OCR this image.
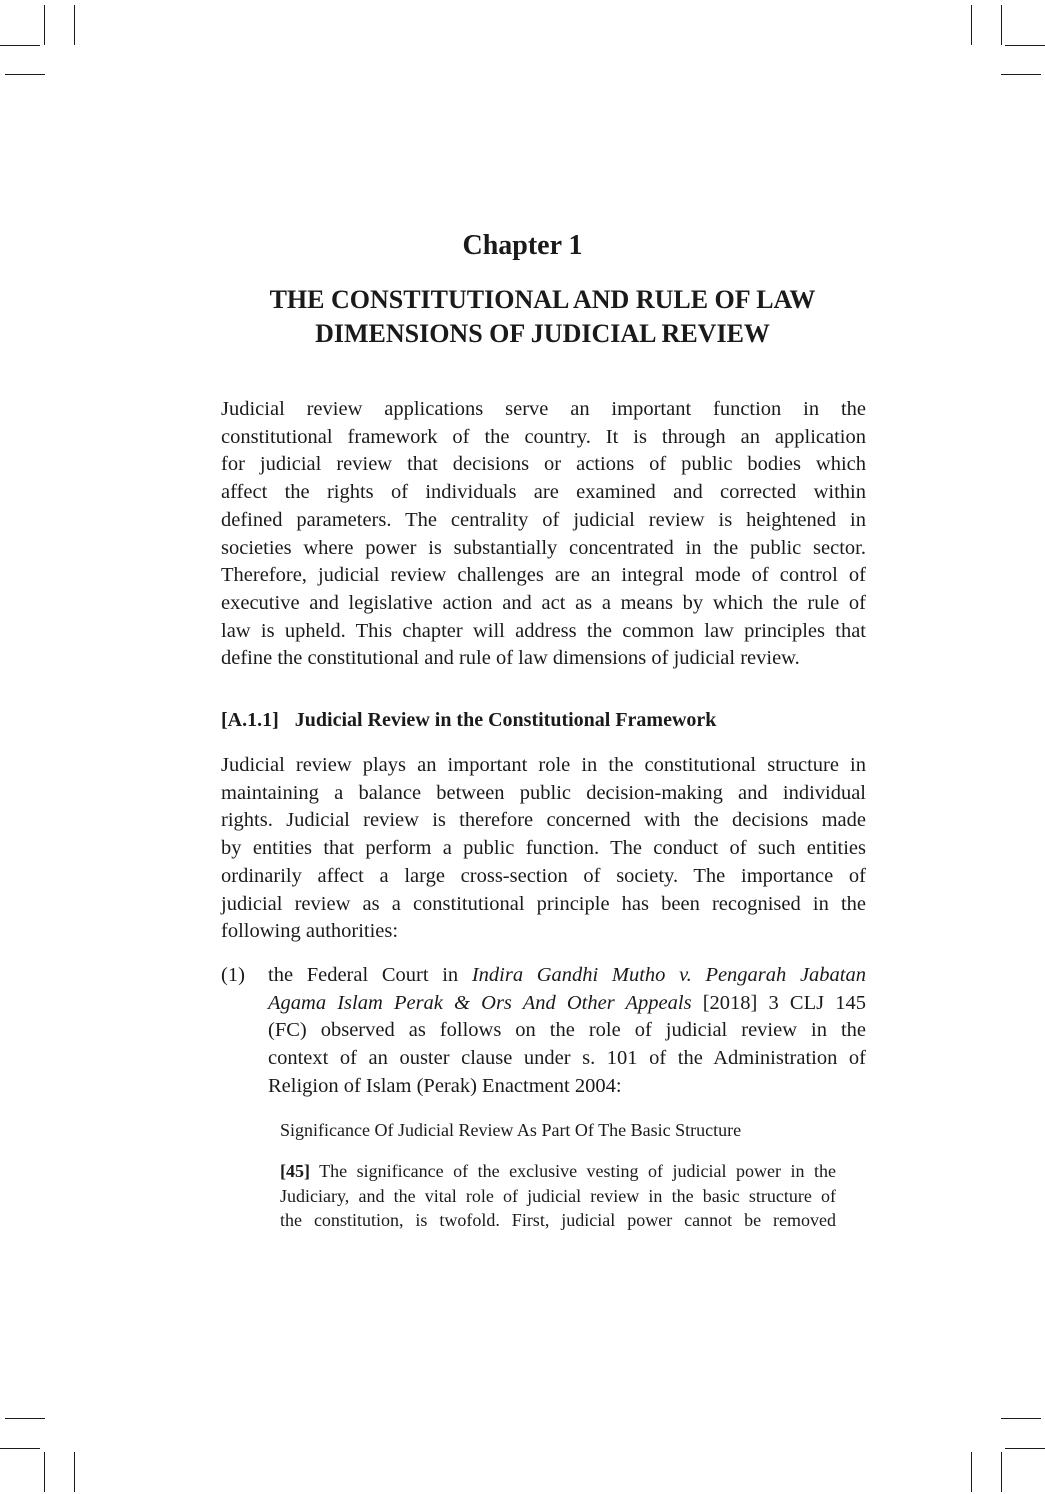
Chapter 1
THE CONSTITUTIONAL AND RULE OF LAW
DIMENSIONS OF JUDICIAL REVIEW

Judicial review applications serve an important function in the
constitutional framework of the country. It is through an application
for judicial review that decisions or actions of public bodies which
affect the rights of individuals are examined and corrected within
defined parameters. The centrality of judicial review is heightened in
societies where power is substantially concentrated in the public sector.
Therefore, judicial review challenges are an integral mode of control of
executive and legislative action and act as a means by which the rule of
law is upheld. This chapter will address the common law principles that
define the constitutional and rule of law dimensions of judicial review.

[A.1.1] Judicial Review in the Constitutional Framework

Judicial review plays an important role in the constitutional structure in
maintaining a balance between public decision-making and individual
rights. Judicial review is therefore concerned with the decisions made
by entities that perform a public function. The conduct of such entities
ordinarily affect a large cross-section of society. The importance of
judicial review as a constitutional principle has been recognised in the
following authorities:

(1) the Federal Court in Indira Gandhi Mutho v. Pengarah Jabatan
Agama Islam Perak & Ors And Other Appeals [2018] 3 CLJ 145
(FC) observed as follows on the role of judicial review in the
context of an ouster clause under s. 101 of the Administration of
Religion of Islam (Perak) Enactment 2004:

Significance Of Judicial Review As Part Of The Basic Structure

[45] The significance of the exclusive vesting of judicial power in the
Judiciary, and the vital role of judicial review in the basic structure of
the constitution, is twofold. First, judicial power cannot be removed
